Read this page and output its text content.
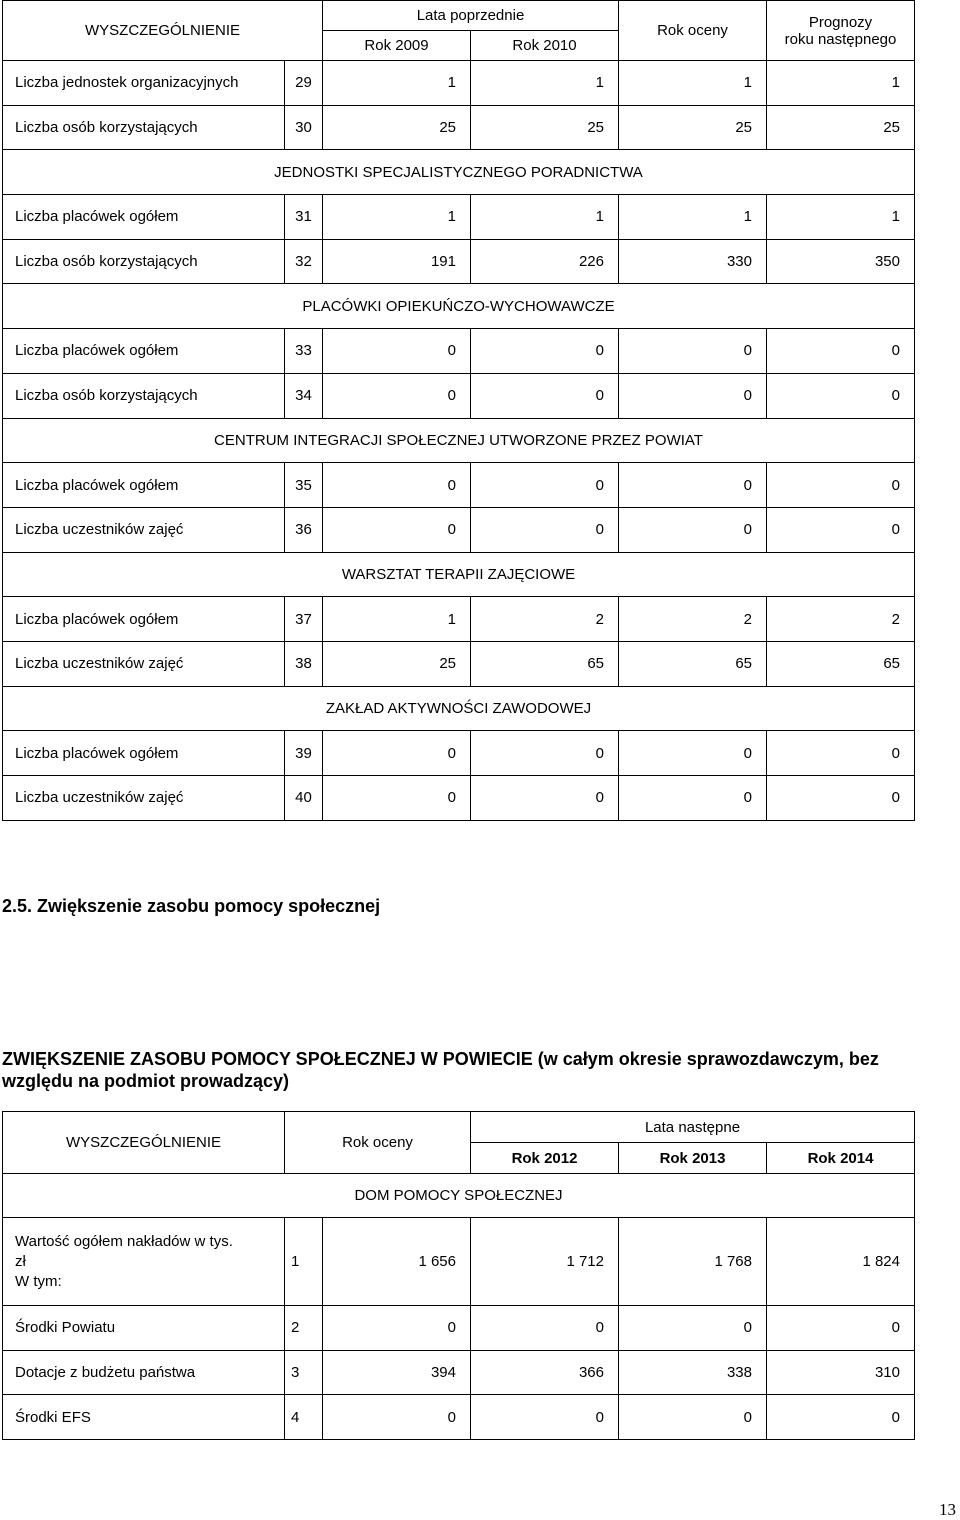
WYSZCZEGÓLNIENIE		Lata poprzednie		Rok oceny	Prognozy
roku następnego

		Rok 2009	Rok 2010		
Liczba jednostek organizacyjnych	29	1	1	1	1
Liczba osób korzystających	30	25	25	25	25
JEDNOSTKI SPECJALISTYCZNEGO PORADNICTWA					
Liczba placówek ogółem	31	1	1	1	1
Liczba osób korzystających	32	191	226	330	350
PLACÓWKI OPIEKUŃCZO-WYCHOWAWCZE					
Liczba placówek ogółem	33	0	0	0	0
Liczba osób korzystających	34	0	0	0	0
CENTRUM INTEGRACJI SPOŁECZNEJ UTWORZONE PRZEZ POWIAT					
Liczba placówek ogółem	35	0	0	0	0
Liczba uczestników zajęć	36	0	0	0	0
WARSZTAT TERAPII ZAJĘCIOWE					
Liczba placówek ogółem	37	1	2	2	2
Liczba uczestników zajęć	38	25	65	65	65
ZAKŁAD AKTYWNOŚCI ZAWODOWEJ					
Liczba placówek ogółem	39	0	0	0	0
Liczba uczestników zajęć	40	0	0	0	0
2.5. Zwiększenie zasobu pomocy społecznej

ZWIĘKSZENIE ZASOBU POMOCY SPOŁECZNEJ W POWIECIE (w całym okresie sprawozdawczym, bez względu na podmiot prowadzący)

WYSZCZEGÓLNIENIE	Rok oceny		Lata następne		
			Rok 2012	Rok 2013	Rok 2014
DOM POMOCY SPOŁECZNEJ					

Wartość ogółem nakładów w tys.
zł
W tym:	1	1 656	1 712	1 768	1 824
Środki Powiatu	2	0	0	0	0
Dotacje z budżetu państwa	3	394	366	338	310
Środki EFS	4	0	0	0	0
13
